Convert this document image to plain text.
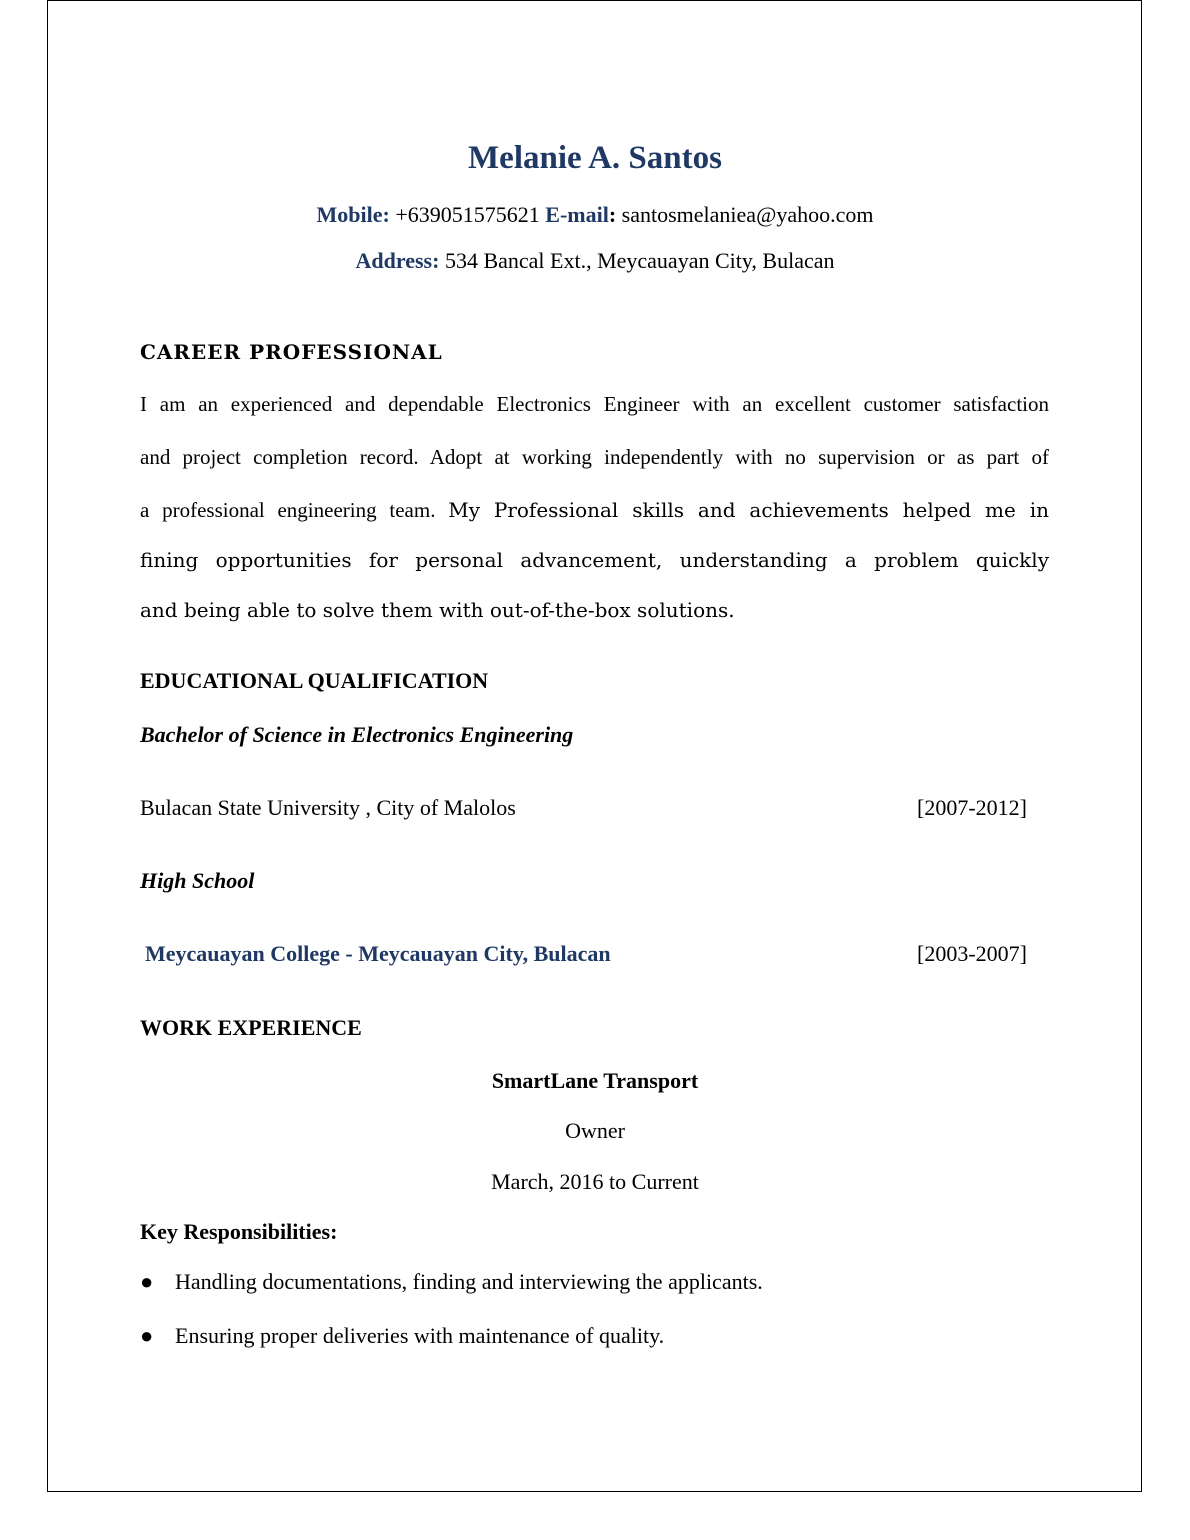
Melanie A. Santos
Mobile: +639051575621 E-mail: santosmelaniea@yahoo.com
Address: 534 Bancal Ext., Meycauayan City, Bulacan
CAREER PROFESSIONAL
I am an experienced and dependable Electronics Engineer with an excellent customer satisfaction
and project completion record. Adopt at working independently with no supervision or as part of
a professional engineering team. My Professional skills and achievements helped me in
fining opportunities for personal advancement, understanding a problem quickly
and being able to solve them with out-of-the-box solutions.
EDUCATIONAL QUALIFICATION
Bachelor of Science in Electronics Engineering
Bulacan State University , City of Malolos	[2007-2012]
High School
Meycauayan College - Meycauayan City, Bulacan	[2003-2007]
WORK EXPERIENCE
SmartLane Transport
Owner
March, 2016 to Current
Key Responsibilities:
● Handling documentations, finding and interviewing the applicants.
● Ensuring proper deliveries with maintenance of quality.
